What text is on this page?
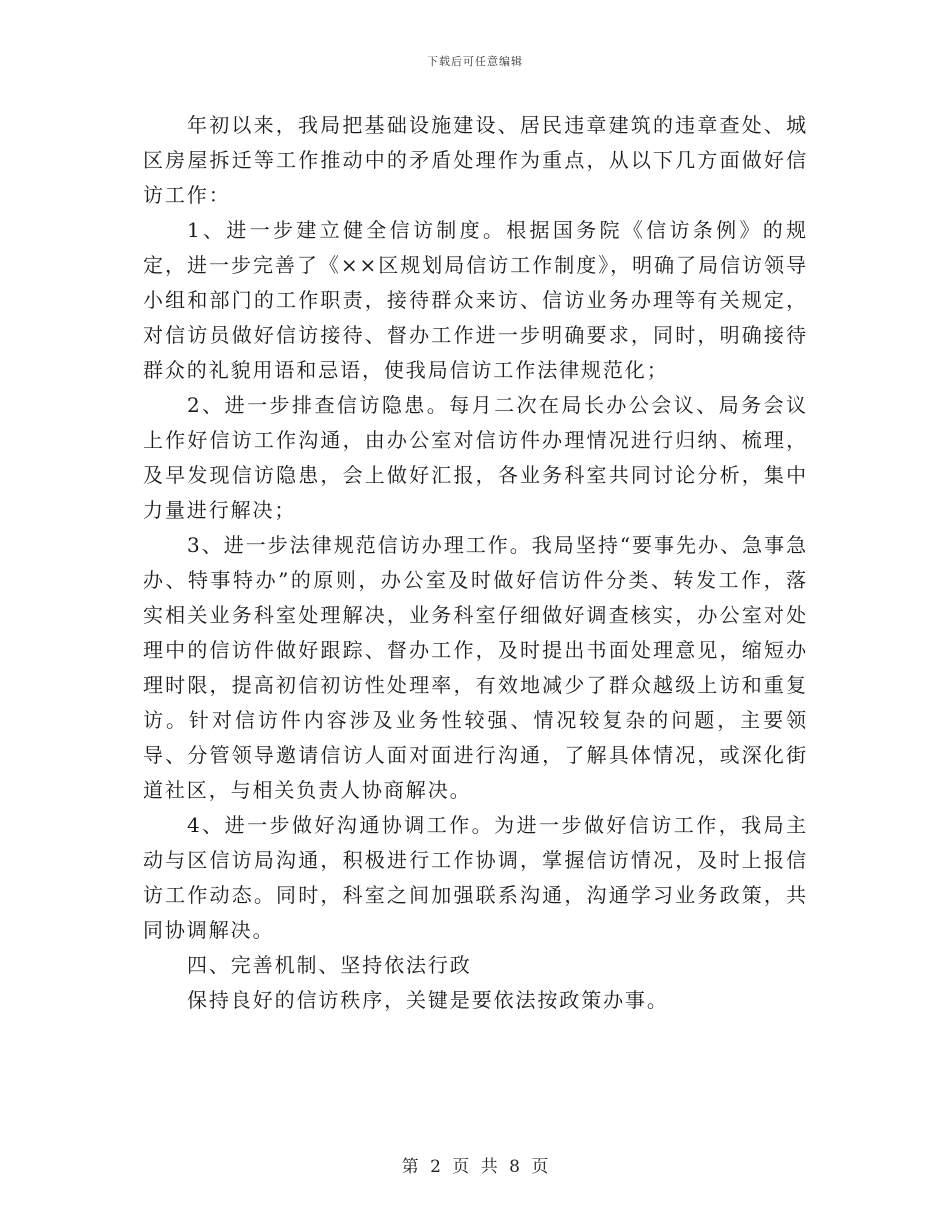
下载后可任意编辑

年初以来，我局把基础设施建设、居民违章建筑的违章查处、城区房屋拆迁等工作推动中的矛盾处理作为重点，从以下几方面做好信访工作：

1、进一步建立健全信访制度。根据国务院《信访条例》的规定，进一步完善了《××区规划局信访工作制度》，明确了局信访领导小组和部门的工作职责，接待群众来访、信访业务办理等有关规定，对信访员做好信访接待、督办工作进一步明确要求，同时，明确接待群众的礼貌用语和忌语，使我局信访工作法律规范化；

2、进一步排查信访隐患。每月二次在局长办公会议、局务会议上作好信访工作沟通，由办公室对信访件办理情况进行归纳、梳理，及早发现信访隐患，会上做好汇报，各业务科室共同讨论分析，集中力量进行解决；

3、进一步法律规范信访办理工作。我局坚持“要事先办、急事急办、特事特办”的原则，办公室及时做好信访件分类、转发工作，落实相关业务科室处理解决，业务科室仔细做好调查核实，办公室对处理中的信访件做好跟踪、督办工作，及时提出书面处理意见，缩短办理时限，提高初信初访性处理率，有效地减少了群众越级上访和重复访。针对信访件内容涉及业务性较强、情况较复杂的问题，主要领导、分管领导邀请信访人面对面进行沟通，了解具体情况，或深化街道社区，与相关负责人协商解决。

4、进一步做好沟通协调工作。为进一步做好信访工作，我局主动与区信访局沟通，积极进行工作协调，掌握信访情况，及时上报信访工作动态。同时，科室之间加强联系沟通，沟通学习业务政策，共同协调解决。

四、完善机制、坚持依法行政

保持良好的信访秩序，关键是要依法按政策办事。

第 2 页 共 8 页
